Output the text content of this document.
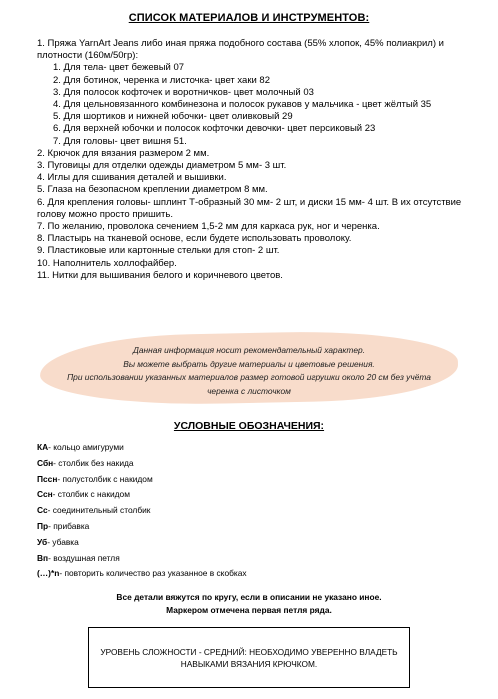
СПИСОК МАТЕРИАЛОВ И ИНСТРУМЕНТОВ:
1. Пряжа YarnArt Jeans либо иная пряжа подобного состава (55% хлопок, 45% полиакрил) и
плотности (160м/50гр):
1. Для тела- цвет бежевый 07
2. Для ботинок, черенка и листочка- цвет хаки 82
3. Для полосок кофточек и воротничков- цвет молочный 03
4. Для цельновязанного комбинезона и полосок рукавов у мальчика - цвет жёлтый 35
5. Для шортиков и нижней юбочки- цвет оливковый 29
6. Для верхней юбочки и полосок кофточки девочки- цвет персиковый 23
7. Для головы- цвет вишня 51.
2. Крючок для вязания размером 2 мм.
3. Пуговицы для отделки одежды диаметром 5 мм- 3 шт.
4. Иглы для сшивания деталей и вышивки.
5. Глаза на безопасном креплении диаметром 8 мм.
6. Для крепления головы- шплинт Т-образный 30 мм- 2 шт, и диски 15 мм- 4 шт. В их отсутствие
голову можно просто пришить.
7. По желанию, проволока сечением 1,5-2 мм для каркаса рук, ног и черенка.
8. Пластырь на тканевой основе, если будете использовать проволоку.
9. Пластиковые или картонные стельки для стоп- 2 шт.
10. Наполнитель холлофайбер.
11. Нитки для вышивания белого и коричневого цветов.
Данная информация носит рекомендательный характер.
Вы можете выбрать другие материалы и цветовые решения.
При использовании указанных материалов размер готовой игрушки около 20 см без учёта
черенка с листочком
УСЛОВНЫЕ ОБОЗНАЧЕНИЯ:
КА- кольцо амигуруми
Сбн- столбик без накида
Пссн- полустолбик с накидом
Ссн- столбик с накидом
Сс- соединительный столбик
Пр- прибавка
Уб- убавка
Вп- воздушная петля
(…)*n- повторить количество раз указанное в скобках
Все детали вяжутся по кругу, если в описании не указано иное.
Маркером отмечена первая петля ряда.
УРОВЕНЬ СЛОЖНОСТИ - СРЕДНИЙ: НЕОБХОДИМО УВЕРЕННО ВЛАДЕТЬ
НАВЫКАМИ ВЯЗАНИЯ КРЮЧКОМ.
